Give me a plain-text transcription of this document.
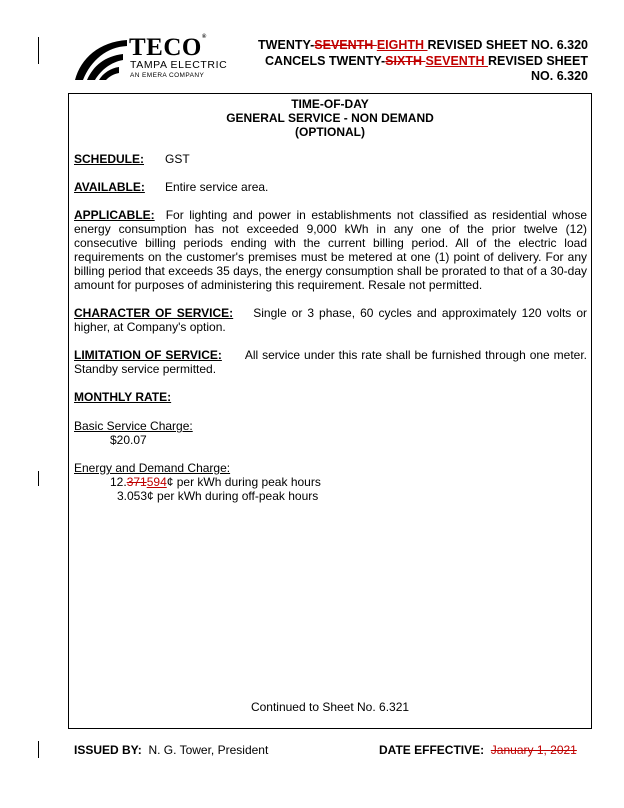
TECO®
TAMPA ELECTRIC
AN EMERA COMPANY
TWENTY-SEVENTH EIGHTH REVISED SHEET NO. 6.320
CANCELS TWENTY-SIXTH SEVENTH REVISED SHEET
NO. 6.320
TIME-OF-DAY
GENERAL SERVICE - NON DEMAND
(OPTIONAL)
SCHEDULE: GST
AVAILABLE: Entire service area.
APPLICABLE: For lighting and power in establishments not classified as residential whose energy consumption has not exceeded 9,000 kWh in any one of the prior twelve (12) consecutive billing periods ending with the current billing period. All of the electric load requirements on the customer's premises must be metered at one (1) point of delivery. For any billing period that exceeds 35 days, the energy consumption shall be prorated to that of a 30-day amount for purposes of administering this requirement. Resale not permitted.
CHARACTER OF SERVICE: Single or 3 phase, 60 cycles and approximately 120 volts or higher, at Company's option.
LIMITATION OF SERVICE: All service under this rate shall be furnished through one meter. Standby service permitted.
MONTHLY RATE:
Basic Service Charge:
$20.07
Energy and Demand Charge:
12.371594¢ per kWh during peak hours
3.053¢ per kWh during off-peak hours
Continued to Sheet No. 6.321
ISSUED BY: N. G. Tower, President	DATE EFFECTIVE: January 1, 2021
